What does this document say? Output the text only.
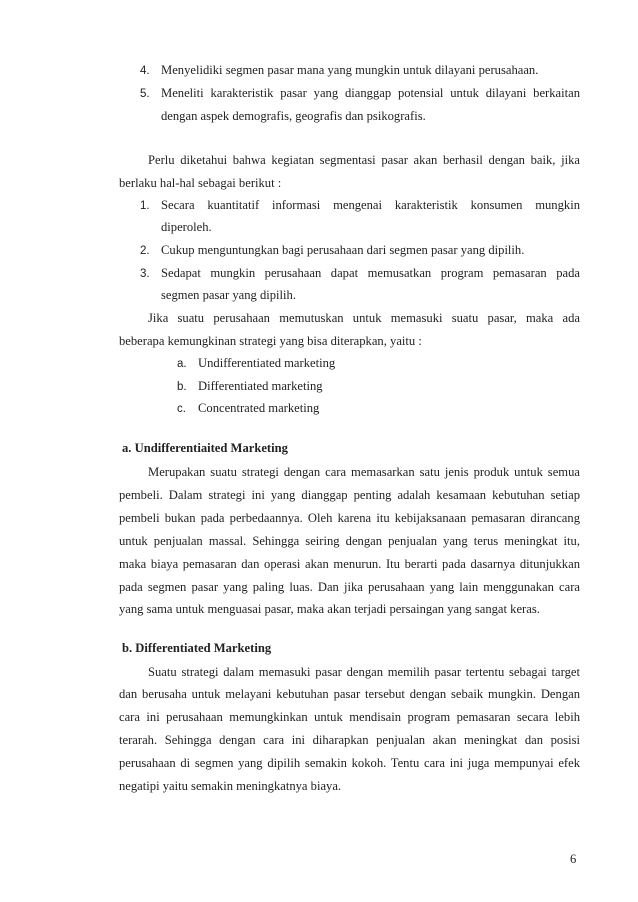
4. Menyelidiki segmen pasar mana yang mungkin untuk dilayani perusahaan.
5. Meneliti karakteristik pasar yang dianggap potensial untuk dilayani berkaitan
dengan aspek demografis, geografis dan psikografis.
Perlu diketahui bahwa kegiatan segmentasi pasar akan berhasil dengan baik, jika
berlaku hal-hal sebagai berikut :
1. Secara kuantitatif informasi mengenai karakteristik konsumen mungkin
diperoleh.
2. Cukup menguntungkan bagi perusahaan dari segmen pasar yang dipilih.
3. Sedapat mungkin perusahaan dapat memusatkan program pemasaran pada
segmen pasar yang dipilih.
Jika suatu perusahaan memutuskan untuk memasuki suatu pasar, maka ada
beberapa kemungkinan strategi yang bisa diterapkan, yaitu :
a. Undifferentiated marketing
b. Differentiated marketing
c. Concentrated marketing
a. Undifferentiaited Marketing
Merupakan suatu strategi dengan cara memasarkan satu jenis produk untuk semua
pembeli. Dalam strategi ini yang dianggap penting adalah kesamaan kebutuhan setiap
pembeli bukan pada perbedaannya. Oleh karena itu kebijaksanaan pemasaran dirancang
untuk penjualan massal. Sehingga seiring dengan penjualan yang terus meningkat itu,
maka biaya pemasaran dan operasi akan menurun. Itu berarti pada dasarnya ditunjukkan
pada segmen pasar yang paling luas. Dan jika perusahaan yang lain menggunakan cara
yang sama untuk menguasai pasar, maka akan terjadi persaingan yang sangat keras.
b. Differentiated Marketing
Suatu strategi dalam memasuki pasar dengan memilih pasar tertentu sebagai target
dan berusaha untuk melayani kebutuhan pasar tersebut dengan sebaik mungkin. Dengan
cara ini perusahaan memungkinkan untuk mendisain program pemasaran secara lebih
terarah. Sehingga dengan cara ini diharapkan penjualan akan meningkat dan posisi
perusahaan di segmen yang dipilih semakin kokoh. Tentu cara ini juga mempunyai efek
negatipi yaitu semakin meningkatnya biaya.
6
